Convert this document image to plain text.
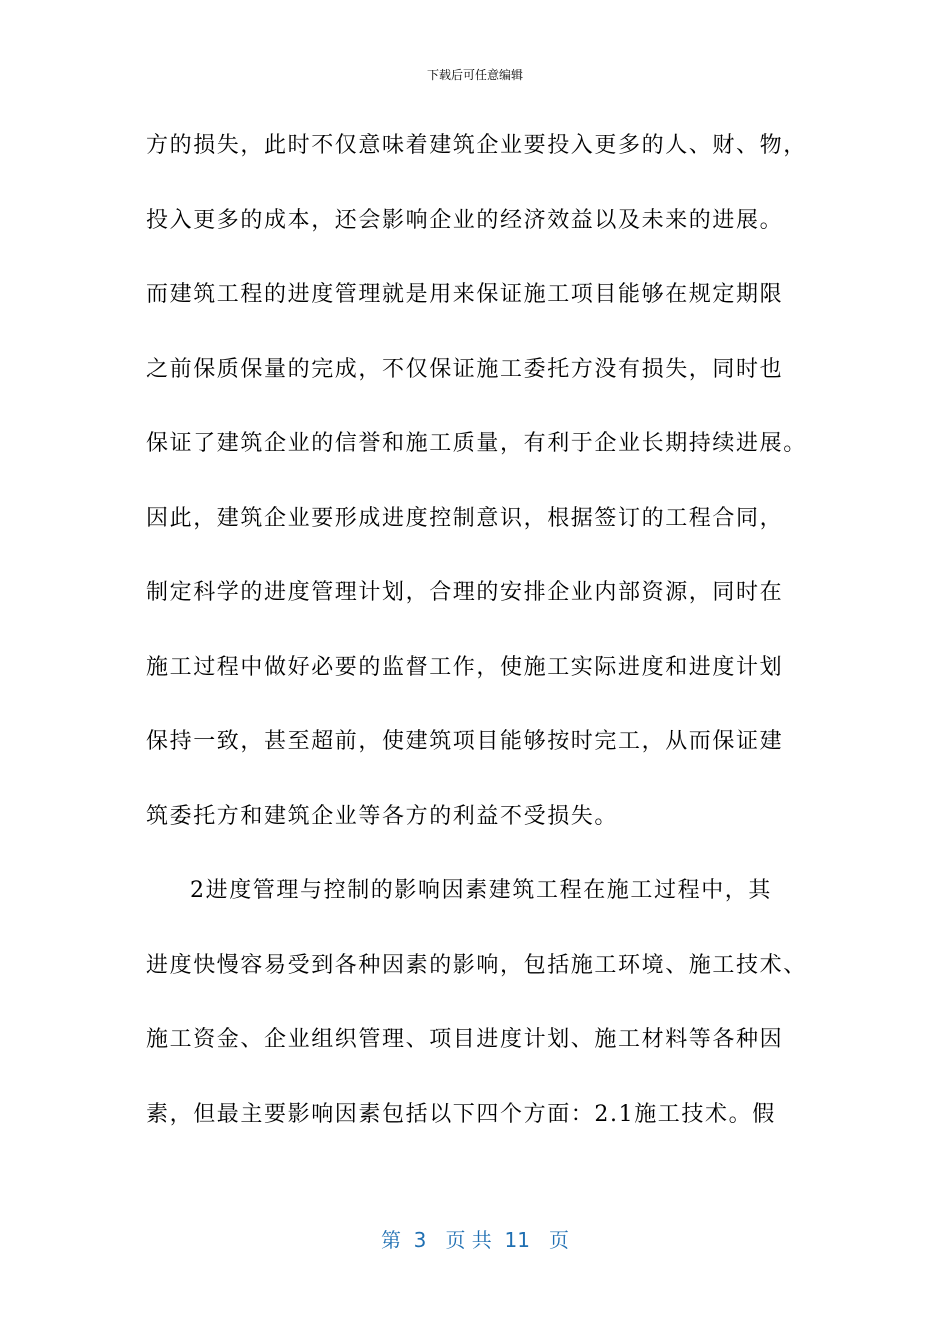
下载后可任意编辑
方的损失，此时不仅意味着建筑企业要投入更多的人、财、物，
投入更多的成本，还会影响企业的经济效益以及未来的进展。
而建筑工程的进度管理就是用来保证施工项目能够在规定期限
之前保质保量的完成，不仅保证施工委托方没有损失，同时也
保证了建筑企业的信誉和施工质量，有利于企业长期持续进展。
因此，建筑企业要形成进度控制意识，根据签订的工程合同，
制定科学的进度管理计划，合理的安排企业内部资源，同时在
施工过程中做好必要的监督工作，使施工实际进度和进度计划
保持一致，甚至超前，使建筑项目能够按时完工，从而保证建
筑委托方和建筑企业等各方的利益不受损失。
2进度管理与控制的影响因素建筑工程在施工过程中，其
进度快慢容易受到各种因素的影响，包括施工环境、施工技术、
施工资金、企业组织管理、项目进度计划、施工材料等各种因
素，但最主要影响因素包括以下四个方面：2.1施工技术。假
第  3   页 共  11   页
